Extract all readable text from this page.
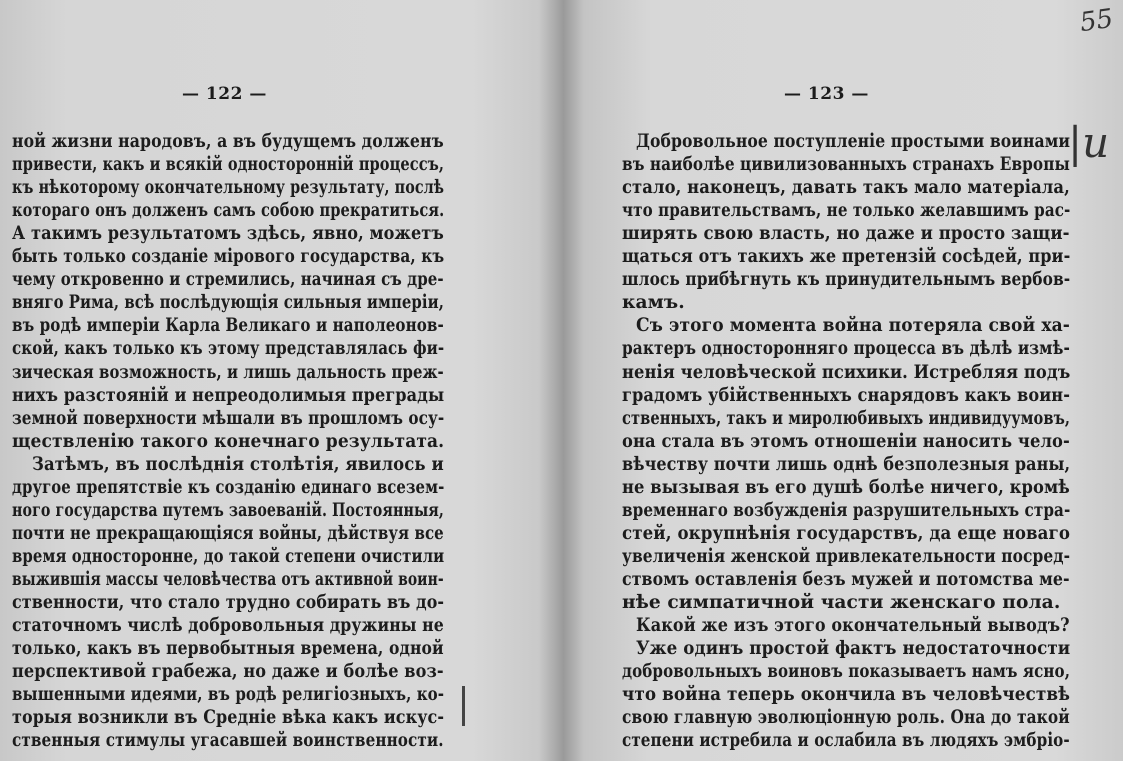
— 122 —
ной жизни народовъ, а въ будущемъ долженъ
привести, какъ и всякій односторонній процессъ,
къ нѣкоторому окончательному результату, послѣ
котораго онъ долженъ самъ собою прекратиться.
А такимъ результатомъ здѣсь, явно, можетъ
быть только созданіе мірового государства, къ
чему откровенно и стремились, начиная съ дре-
вняго Рима, всѣ послѣдующія сильныя имперіи,
въ родѣ имперіи Карла Великаго и наполеонов-
ской, какъ только къ этому представлялась фи-
зическая возможность, и лишь дальность преж-
нихъ разстояній и непреодолимыя преграды
земной поверхности мѣшали въ прошломъ осу-
ществленію такого конечнаго результата.
Затѣмъ, въ послѣднія столѣтія, явилось и
другое препятствіе къ созданію единаго всезем-
ного государства путемъ завоеваній. Постоянныя,
почти не прекращающіяся войны, дѣйствуя все
время односторонне, до такой степени очистили
выжившія массы человѣчества отъ активной воин-
ственности, что стало трудно собирать въ до-
статочномъ числѣ добровольныя дружины не
только, какъ въ первобытныя времена, одной
перспективой грабежа, но даже и болѣе воз-
вышенными идеями, въ родѣ религіозныхъ, ко-
торыя возникли въ Средніе вѣка какъ искус-
ственныя стимулы угасавшей воинственности.
— 123 —
Добровольное поступленіе простыми воинами
въ наиболѣе цивилизованныхъ странахъ Европы
стало, наконецъ, давать такъ мало матеріала,
что правительствамъ, не только желавшимъ рас-
ширять свою власть, но даже и просто защи-
щаться отъ такихъ же претензій сосѣдей, при-
шлось прибѣгнуть къ принудительнымъ вербов-
камъ.
Съ этого момента война потеряла свой ха-
рактеръ односторонняго процесса въ дѣлѣ измѣ-
ненія человѣческой психики. Истребляя подъ
градомъ убійственныхъ снарядовъ какъ воин-
ственныхъ, такъ и миролюбивыхъ индивидуумовъ,
она стала въ этомъ отношеніи наносить чело-
вѣчеству почти лишь однѣ безполезныя раны,
не вызывая въ его душѣ болѣе ничего, кромѣ
временнаго возбужденія разрушительныхъ стра-
стей, окрупнѣнія государствъ, да еще новаго
увеличенія женской привлекательности посред-
ствомъ оставленія безъ мужей и потомства ме-
нѣе симпатичной части женскаго пола.
Какой же изъ этого окончательный выводъ?
Уже одинъ простой фактъ недостаточности
добровольныхъ воиновъ показываетъ намъ ясно,
что война теперь окончила въ человѣчествѣ
свою главную эволюціонную роль. Она до такой
степени истребила и ослабила въ людяхъ эмбріо-
55
|и
